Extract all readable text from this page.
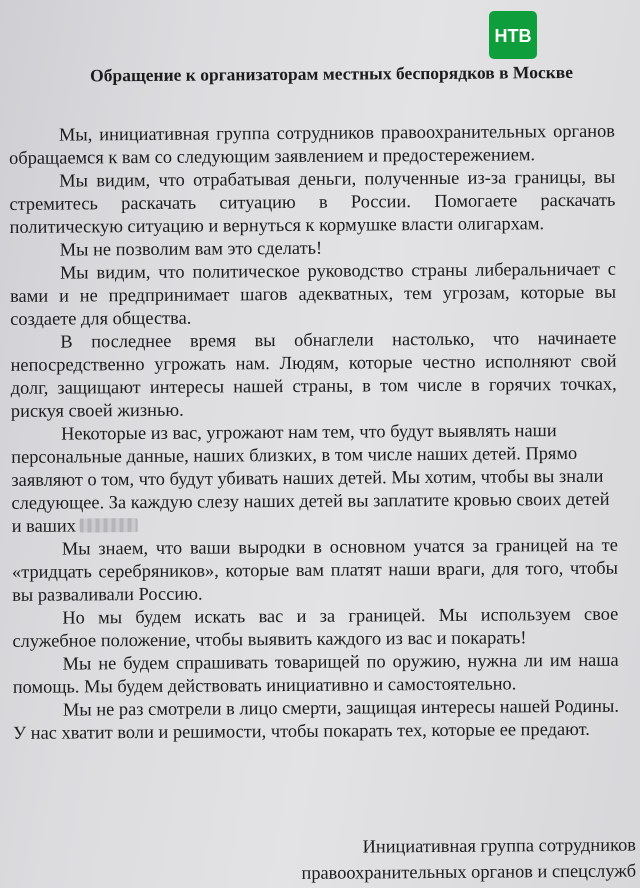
НТВ
Обращение к организаторам местных беспорядков в Москве

Мы, инициативная группа сотрудников правоохранительных органов обращаемся к вам со следующим заявлением и предостережением.

Мы видим, что отрабатывая деньги, полученные из-за границы, вы стремитесь раскачать ситуацию в России. Помогаете раскачать политическую ситуацию и вернуться к кормушке власти олигархам.

Мы не позволим вам это сделать!

Мы видим, что политическое руководство страны либеральничает с вами и не предпринимает шагов адекватных, тем угрозам, которые вы создаете для общества.

В последнее время вы обнаглели настолько, что начинаете непосредственно угрожать нам. Людям, которые честно исполняют свой долг, защищают интересы нашей страны, в том числе в горячих точках, рискуя своей жизнью.

Некоторые из вас, угрожают нам тем, что будут выявлять наши персональные данные, наших близких, в том числе наших детей. Прямо заявляют о том, что будут убивать наших детей. Мы хотим, чтобы вы знали следующее. За каждую слезу наших детей вы заплатите кровью своих детей и ваших

Мы знаем, что ваши выродки в основном учатся за границей на те «тридцать серебряников», которые вам платят наши враги, для того, чтобы вы разваливали Россию.

Но мы будем искать вас и за границей. Мы используем свое служебное положение, чтобы выявить каждого из вас и покарать!

Мы не будем спрашивать товарищей по оружию, нужна ли им наша помощь. Мы будем действовать инициативно и самостоятельно.

Мы не раз смотрели в лицо смерти, защищая интересы нашей Родины. У нас хватит воли и решимости, чтобы покарать тех, которые ее предают.

Инициативная группа сотрудников
правоохранительных органов и спецслужб
